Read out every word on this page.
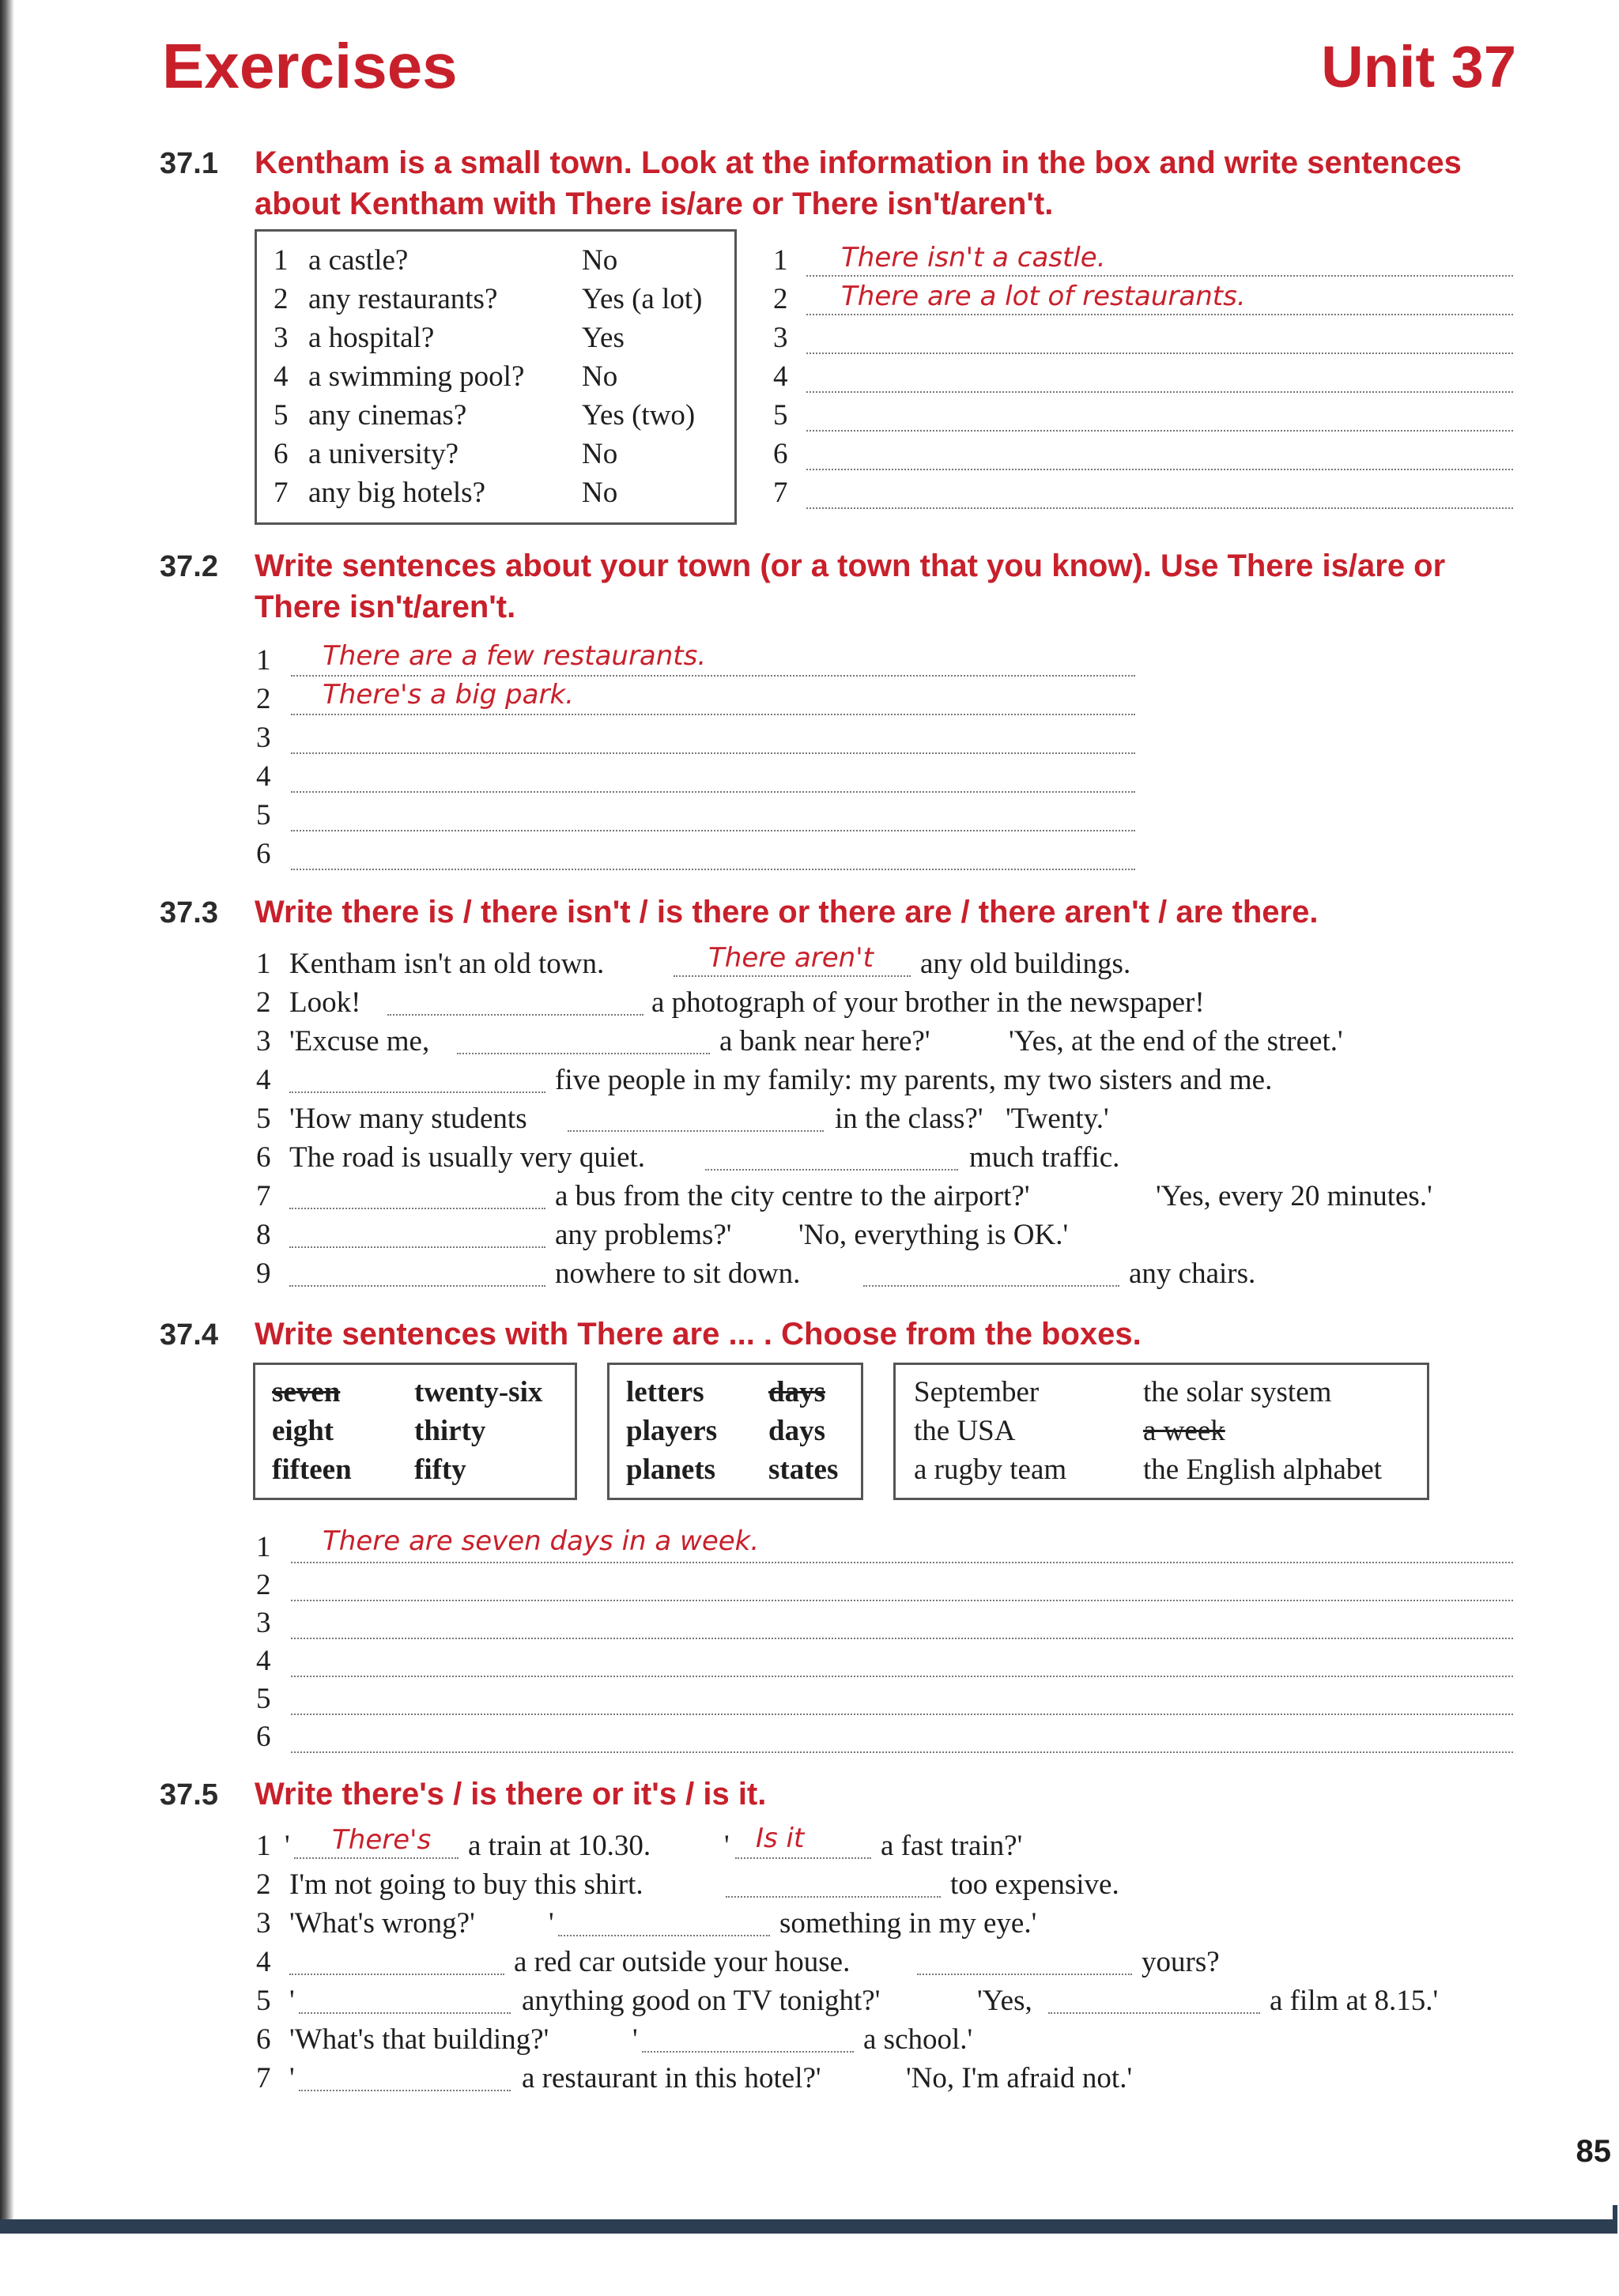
Exercises	Unit 37
37.1 Kentham is a small town. Look at the information in the box and write sentences about Kentham with There is/are or There isn't/aren't.
1 a castle?	No
2 any restaurants?	Yes (a lot)
3 a hospital?	Yes
4 a swimming pool? No
5 any cinemas?	Yes (two)
6 a university?	No
7 any big hotels?	No
1 There isn't a castle.
2 There are a lot of restaurants.
3
4
5
6
7
37.2 Write sentences about your town (or a town that you know). Use There is/are or There isn't/aren't.
1 There are a few restaurants.
2 There's a big park.
3
4
5
6
37.3 Write there is / there isn't / is there or there are / there aren't / are there.
1 Kentham isn't an old town.	There aren't any old buildings.
2 Look!	a photograph of your brother in the newspaper!
3 'Excuse me,	a bank near here?'	'Yes, at the end of the street.'
4	five people in my family: my parents, my two sisters and me.
5 'How many students	in the class?' 'Twenty.'
6 The road is usually very quiet.	much traffic.
7	a bus from the city centre to the airport?'	'Yes, every 20 minutes.'
8	any problems?' 'No, everything is OK.'
9	nowhere to sit down.	any chairs.
37.4 Write sentences with There are ... . Choose from the boxes.
seven	twenty-six
eight	thirty
fifteen fifty
letters days
players days
planets states
September	the solar system
the USA	a week
a rugby team	the English alphabet
1 There are seven days in a week.
2
3
4
5
6
37.5 Write there's / is there or it's / is it.
1
2
3
4
5
6
7
' There's a train at 10.30.	' Is it	a fast train?'
I'm not going to buy this shirt.	too expensive.
'What's wrong?'	'	something in my eye.'
a red car outside your house.	yours?
'	anything good on TV tonight?'	'Yes,	a film at 8.15.'
'What's that building?'	'	a school.'
'	a restaurant in this hotel?'	'No, I'm afraid not.'
85
